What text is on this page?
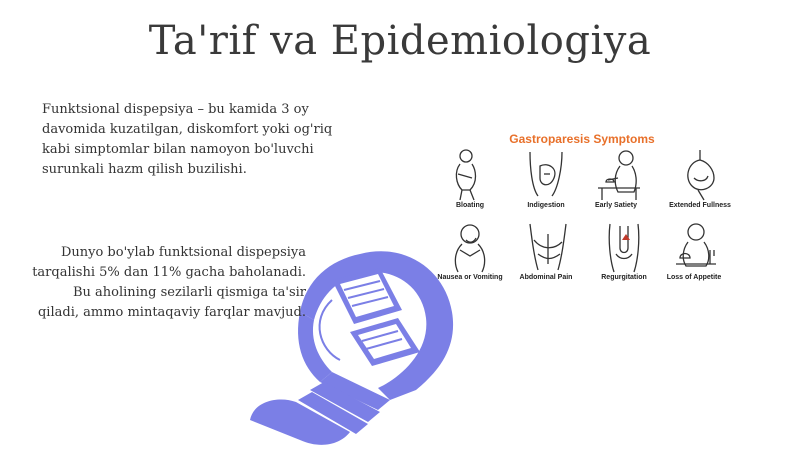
Ta'rif va Epidemiologiya
Funktsional dispepsiya – bu kamida 3 oy davomida kuzatilgan, diskomfort yoki og'riq kabi simptomlar bilan namoyon bo'luvchi surunkali hazm qilish buzilishi.
Dunyo bo'ylab funktsional dispepsiya tarqalishi 5% dan 11% gacha baholanadi. Bu aholining sezilarli qismiga ta'sir qiladi, ammo mintaqaviy farqlar mavjud.
Gastroparesis Symptoms
Bloating	Indigestion	Early Satiety	Extended Fullness
Nausea or Vomiting	Abdominal Pain	Regurgitation	Loss of Appetite
